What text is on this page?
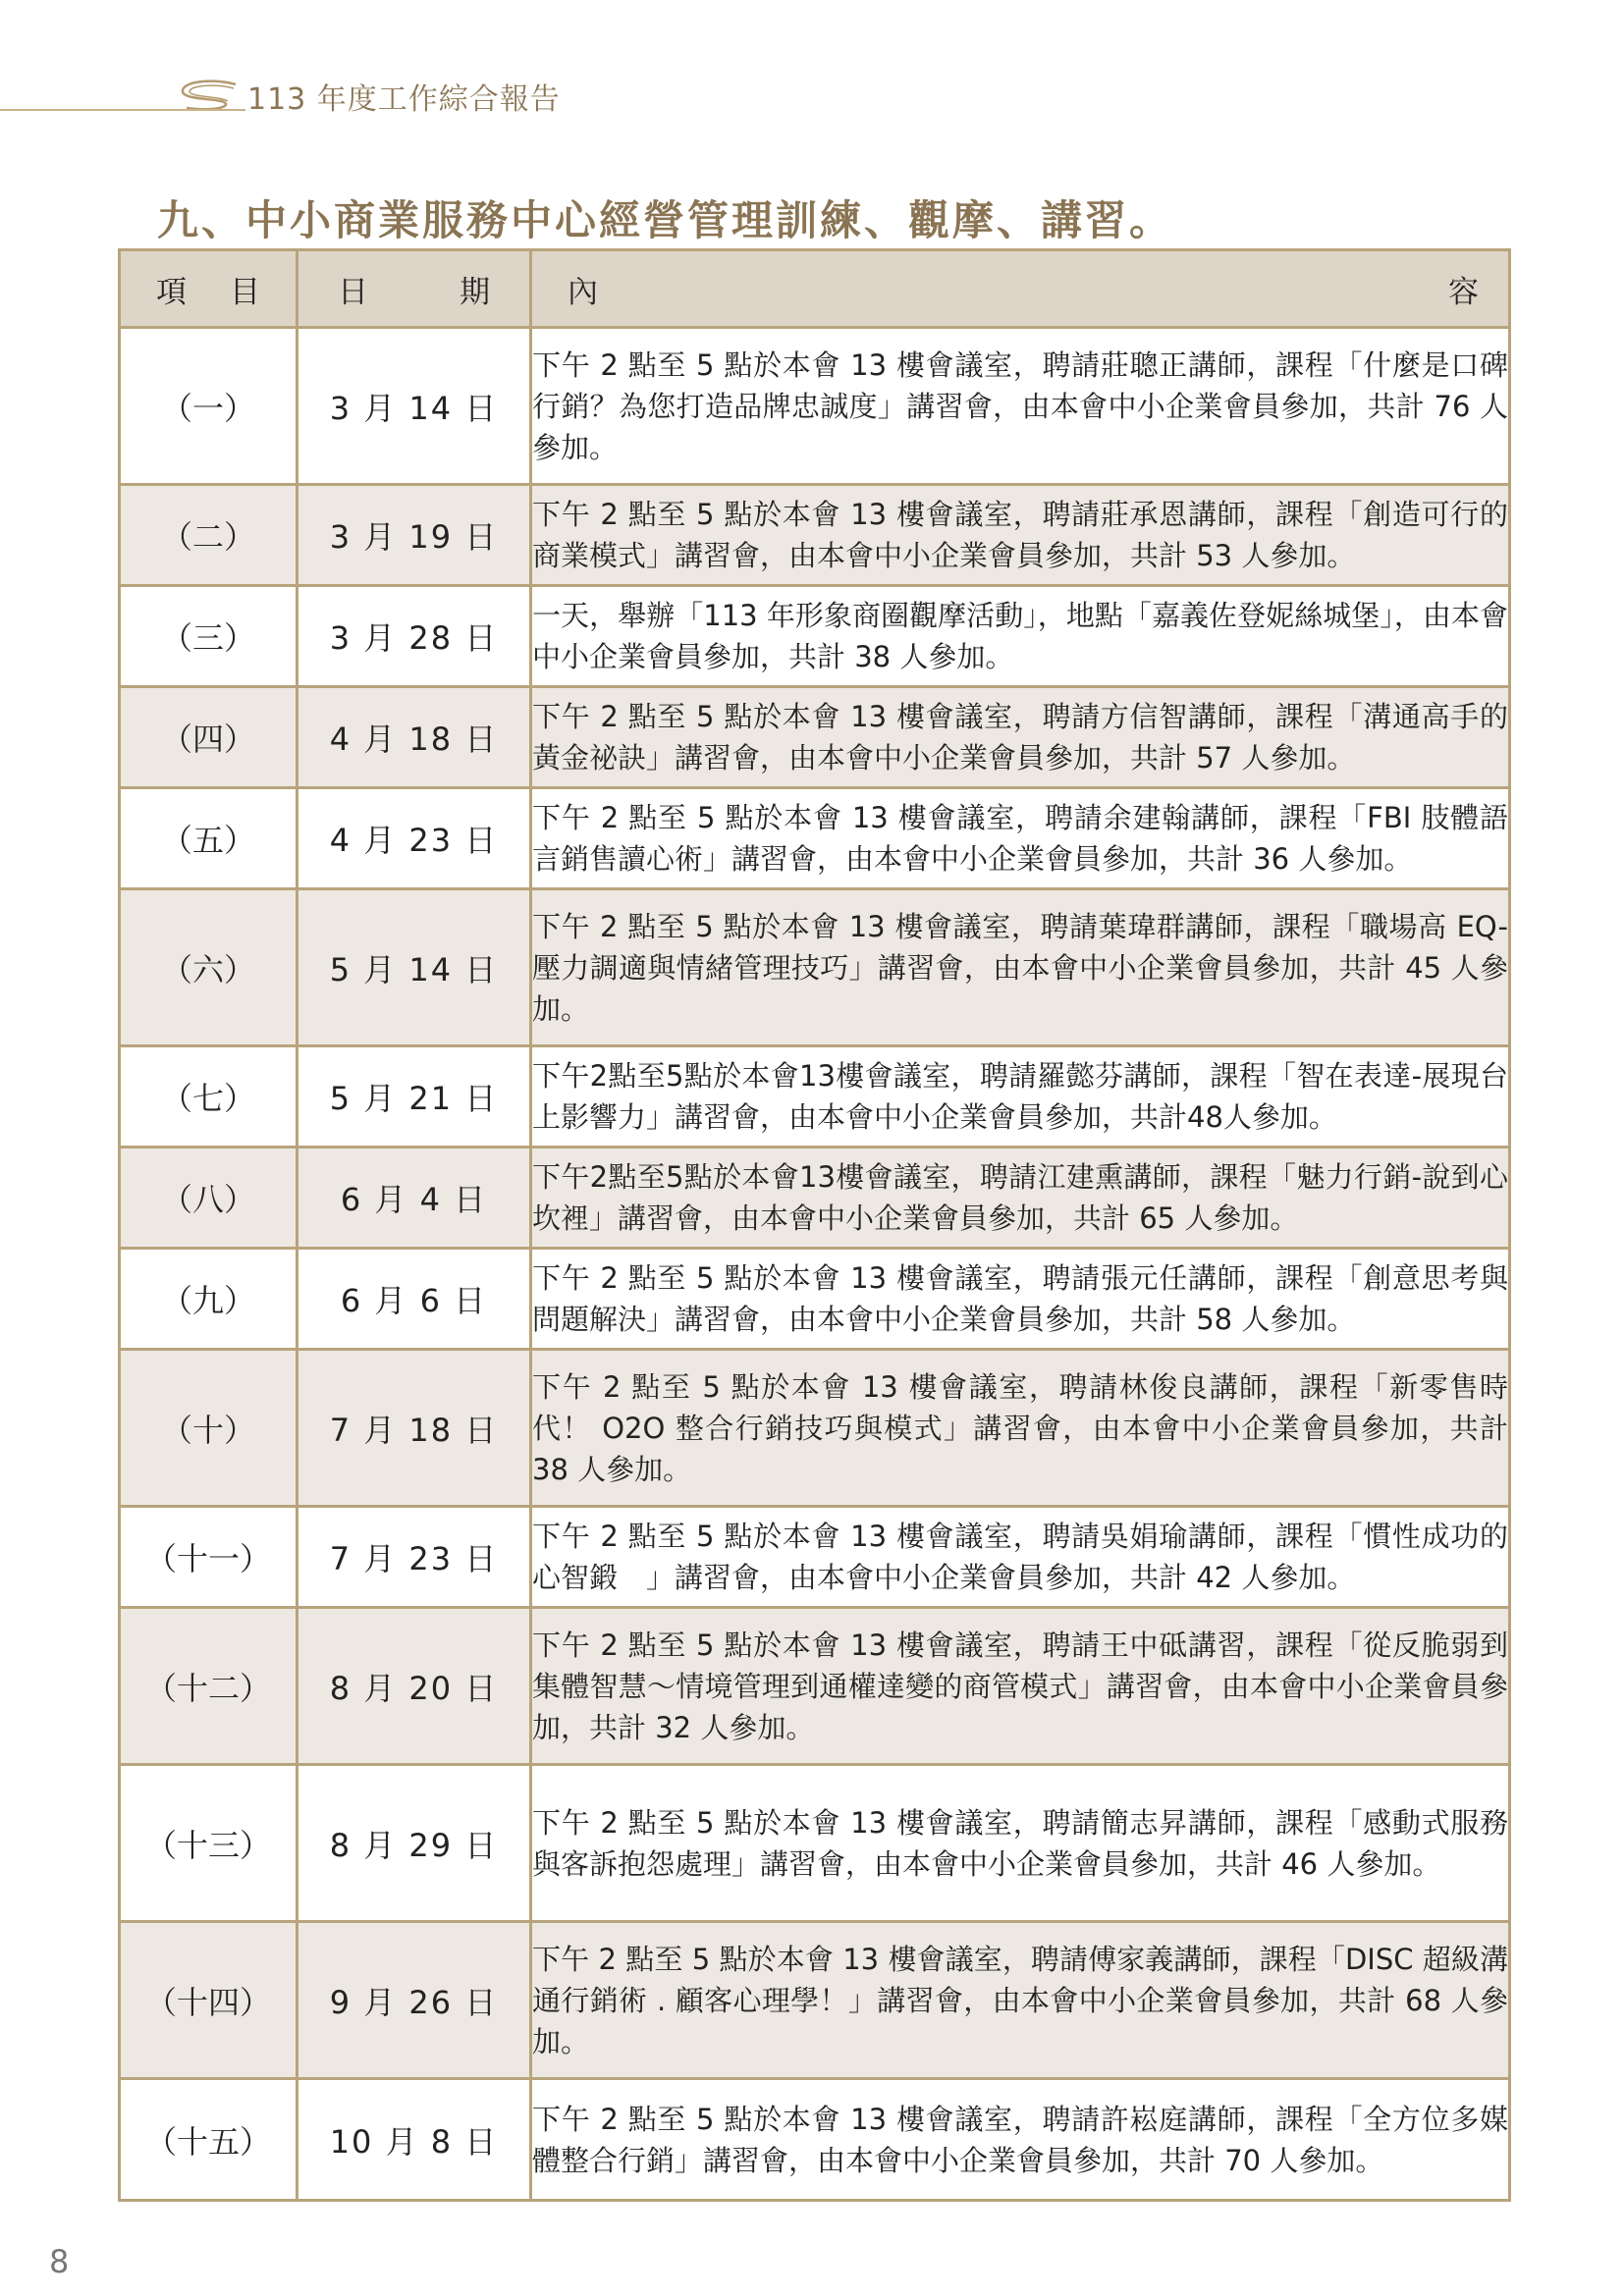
113 年度工作綜合報告
九、中小商業服務中心經營管理訓練、觀摩、講習。
項 目	日 期	內 容

（一）	3 月 14 日	下午 2 點至 5 點於本會 13 樓會議室，聘請莊聰正講師，課程「什麼是口碑行銷？為您打造品牌忠誠度」講習會，由本會中小企業會員參加，共計 76 人參加。
（二）	3 月 19 日	下午 2 點至 5 點於本會 13 樓會議室，聘請莊承恩講師，課程「創造可行的商業模式」講習會，由本會中小企業會員參加，共計 53 人參加。
（三）	3 月 28 日	一天，舉辦「113 年形象商圈觀摩活動」，地點「嘉義佐登妮絲城堡」，由本會中小企業會員參加，共計 38 人參加。
（四）	4 月 18 日	下午 2 點至 5 點於本會 13 樓會議室，聘請方信智講師，課程「溝通高手的黃金祕訣」講習會，由本會中小企業會員參加，共計 57 人參加。
（五）	4 月 23 日	下午 2 點至 5 點於本會 13 樓會議室，聘請余建翰講師，課程「FBI 肢體語言銷售讀心術」講習會，由本會中小企業會員參加，共計 36 人參加。
（六）	5 月 14 日	下午 2 點至 5 點於本會 13 樓會議室，聘請葉瑋群講師，課程「職場高 EQ- 壓力調適與情緒管理技巧」講習會，由本會中小企業會員參加，共計 45 人參加。
（七）	5 月 21 日	下午2點至5點於本會13樓會議室，聘請羅懿芬講師，課程「智在表達-展現台上影響力」講習會，由本會中小企業會員參加，共計48人參加。
（八）	6 月 4 日	下午2點至5點於本會13樓會議室，聘請江建熏講師，課程「魅力行銷-說到心坎裡」講習會，由本會中小企業會員參加，共計 65 人參加。
（九）	6 月 6 日	下午 2 點至 5 點於本會 13 樓會議室，聘請張元任講師，課程「創意思考與問題解決」講習會，由本會中小企業會員參加，共計 58 人參加。
（十）	7 月 18 日	下午 2 點至 5 點於本會 13 樓會議室，聘請林俊良講師，課程「新零售時代！ O2O 整合行銷技巧與模式」講習會，由本會中小企業會員參加，共計 38 人參加。
（十一）	7 月 23 日	下午 2 點至 5 點於本會 13 樓會議室，聘請吳娟瑜講師，課程「慣性成功的心智鍛　」講習會，由本會中小企業會員參加，共計 42 人參加。
（十二）	8 月 20 日	下午 2 點至 5 點於本會 13 樓會議室，聘請王中砥講習，課程「從反脆弱到集體智慧～情境管理到通權達變的商管模式」講習會，由本會中小企業會員參加，共計 32 人參加。
（十三）	8 月 29 日	下午 2 點至 5 點於本會 13 樓會議室，聘請簡志昇講師，課程「感動式服務與客訴抱怨處理」講習會，由本會中小企業會員參加，共計 46 人參加。
（十四）	9 月 26 日	下午 2 點至 5 點於本會 13 樓會議室，聘請傅家義講師，課程「DISC 超級溝通行銷術 . 顧客心理學！」講習會，由本會中小企業會員參加，共計 68 人參加。
（十五）	10 月 8 日	下午 2 點至 5 點於本會 13 樓會議室，聘請許崧庭講師，課程「全方位多媒體整合行銷」講習會，由本會中小企業會員參加，共計 70 人參加。
8
